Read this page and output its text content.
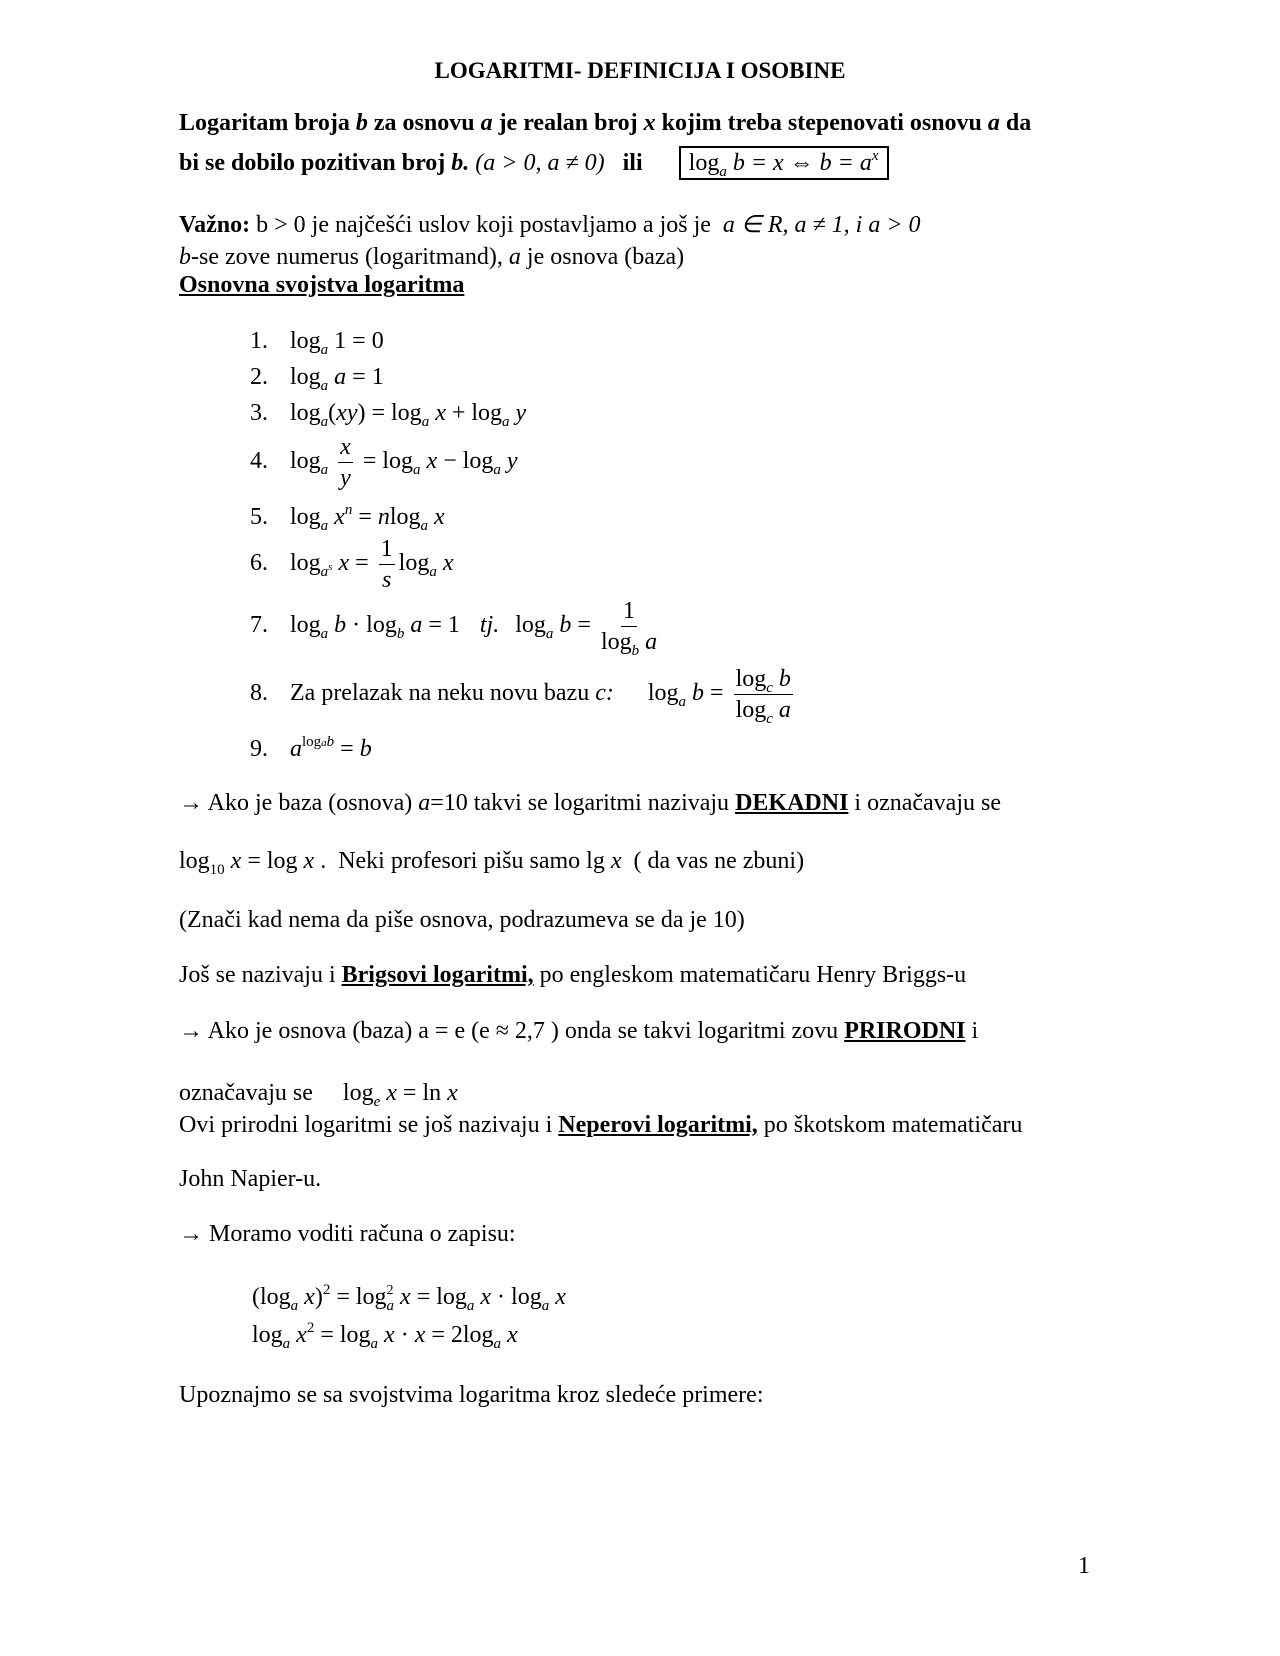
LOGARITMI- DEFINICIJA I OSOBINE
Logaritam broja b za osnovu a je realan broj x kojim treba stepenovati osnovu a da
bi se dobilo pozitivan broj b. (a > 0, a ≠ 0) ili $\log_a b = x$ ⇔ $b = a^x$
Važno: b > 0 je najčešći uslov koji postavljamo a još je a ∈ R, a ≠ 1, i a > 0
b-se zove numerus (logaritmand), a je osnova (baza)
Osnovna svojstva logaritma
1. $\log_a 1 = 0$
2. $\log_a a = 1$
3. $\log_a(xy) = \log_a x + \log_a y$
4. $\log_a \frac{x}{y} = \log_a x - \log_a y$
5. $\log_a x^n = nlog_a$ x
6. $\log_{a^s} x = \frac{1}{s} \log_a x$
7. $\log_a b \cdot \log_b a = 1$ tj. $\log_a b = \frac{1}{\log_b a}$
8. Za prelazak na neku novu bazu c: $\log_a b = \frac{\log_c b}{\log_c a}$
9. $a^{logab} = b$
→ Ako je baza (osnova) a=10 takvi se logaritmi nazivaju DEKADNI i označavaju se
$\log_{10} x = \log x$ .  Neki profesori pišu samo lg x ( da vas ne zbuni)
(Znači kad nema da piše osnova, podrazumeva se da je 10)
Još se nazivaju i Brigsovi logaritmi, po engleskom matematičaru Henry Briggs-u
→ Ako je osnova (baza) a = e (e ≈ 2,7 ) onda se takvi logaritmi zovu PRIRODNI i
označavaju se $\log_e x = \ln x$
Ovi prirodni logaritmi se još nazivaju i Neperovi logaritmi, po škotskom matematičaru
John Napier-u.
→ Moramo voditi računa o zapisu:
($\log_a$ $x)^2 = \log^2_a x = \log_a x \cdot \log_a x$
$\log_a x^2 = \log_a x \cdot x = 2\log_a$ x
Upoznajmo se sa svojstvima logaritma kroz sledeće primere:
1
